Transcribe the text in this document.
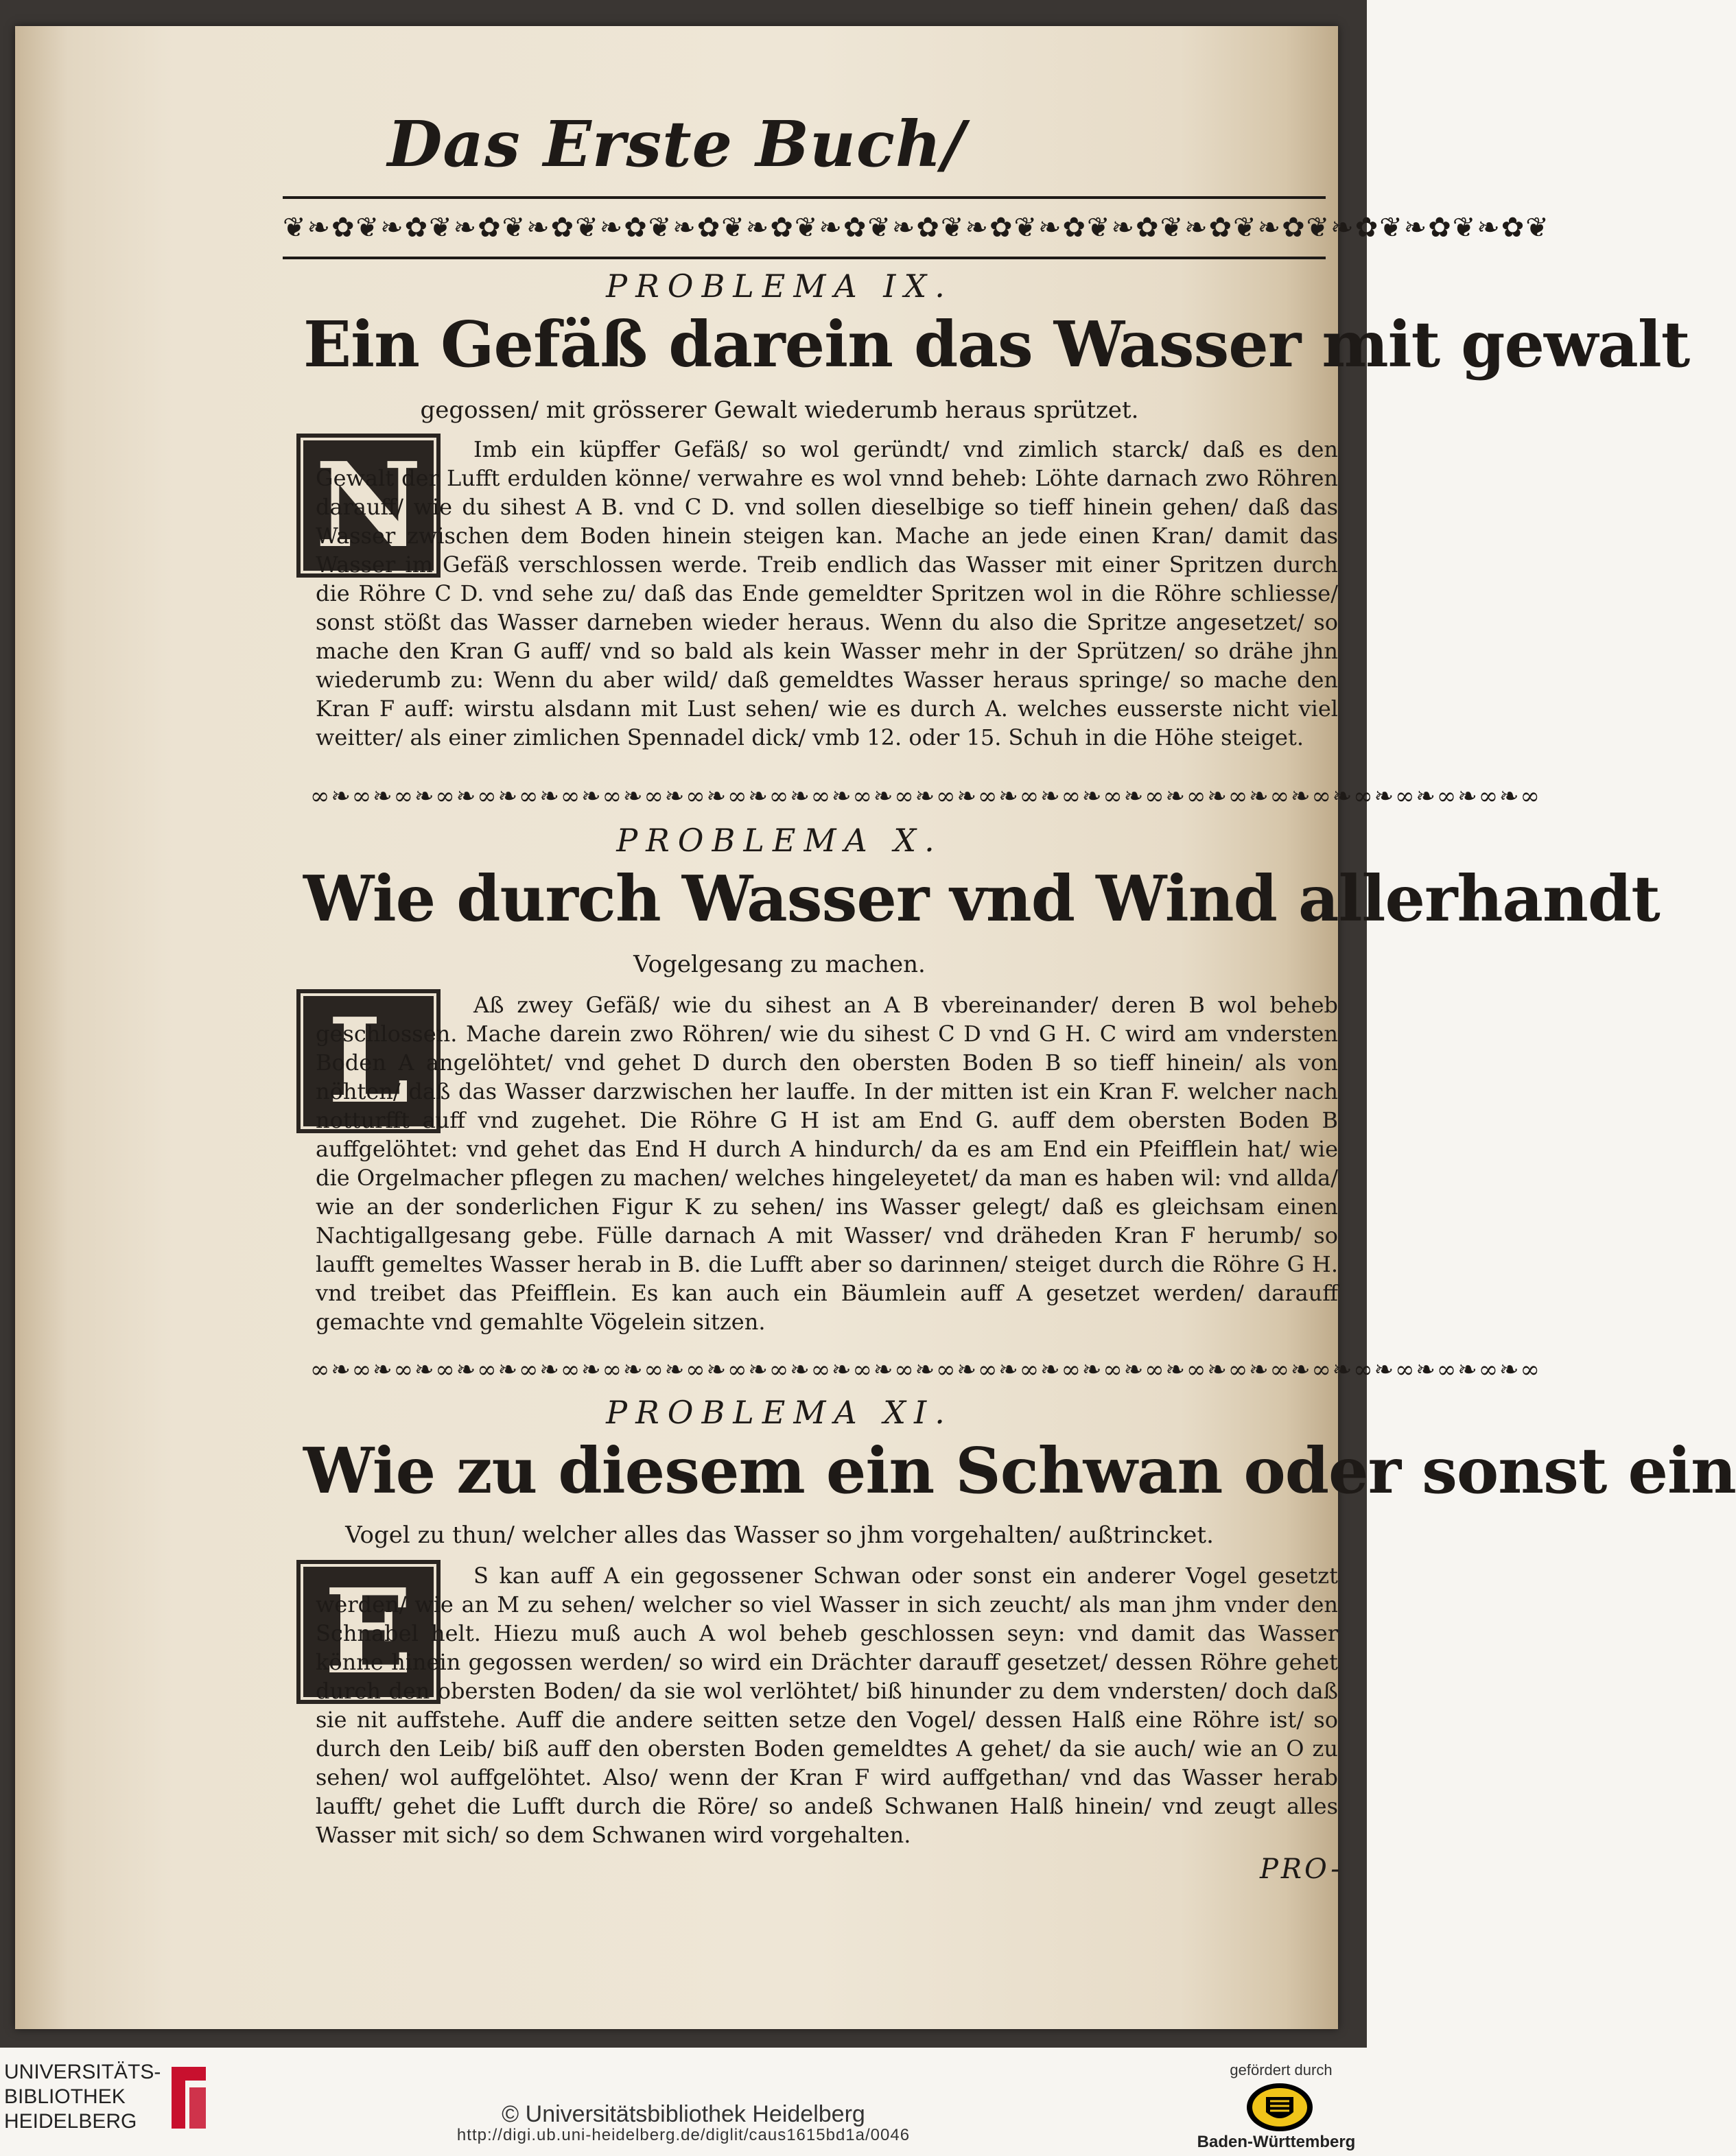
Das Erste Buch/
❦❧✿❦❧✿❦❧✿❦❧✿❦❧✿❦❧✿❦❧✿❦❧✿❦❧✿❦❧✿❦❧✿❦❧✿❦❧✿❦❧✿❦❧✿❦❧✿❦❧✿❦
PROBLEMA IX.
Ein Gefäß darein das Wasser mit gewalt
gegossen/ mit grösserer Gewalt wiederumb heraus sprützet.
N	Imb ein küpffer Gefäß/ so wol geründt/ vnd zimlich starck/ daß es den Gewalt der Lufft erdulden könne/ verwahre es wol vnnd beheb: Löhte darnach zwo Röhren darauff/ wie du sihest A B. vnd C D. vnd sollen dieselbige so tieff hinein gehen/ daß das Wasser zwischen dem Boden hinein steigen kan. Mache an jede einen Kran/ damit das Wasser im Gefäß verschlossen werde. Treib endlich das Wasser mit einer Spritzen durch die Röhre C D. vnd sehe zu/ daß das Ende gemeldter Spritzen wol in die Röhre schliesse/ sonst stößt das Wasser darneben wieder heraus. Wenn du also die Spritze angesetzet/ so mache den Kran G auff/ vnd so bald als kein Wasser mehr in der Sprützen/ so drähe jhn wiederumb zu: Wenn du aber wild/ daß gemeldtes Wasser heraus springe/ so mache den Kran F auff: wirstu alsdann mit Lust sehen/ wie es durch A. welches eusserste nicht viel weitter/ als einer zimlichen Spennadel dick/ vmb 12. oder 15. Schuh in die Höhe steiget.
∞❧∞❧∞❧∞❧∞❧∞❧∞❧∞❧∞❧∞❧∞❧∞❧∞❧∞❧∞❧∞❧∞❧∞❧∞❧∞❧∞❧∞❧∞❧∞❧∞❧∞❧∞❧∞❧∞❧∞
PROBLEMA X.
Wie durch Wasser vnd Wind allerhandt
Vogelgesang zu machen.
L	Aß zwey Gefäß/ wie du sihest an A B vbereinander/ deren B wol beheb geschlossen. Mache darein zwo Röhren/ wie du sihest C D vnd G H. C wird am vndersten Boden A angelöhtet/ vnd gehet D durch den obersten Boden B so tieff hinein/ als von nöhten/ daß das Wasser darzwischen her lauffe. In der mitten ist ein Kran F. welcher nach notturfft auff vnd zugehet. Die Röhre G H ist am End G. auff dem obersten Boden B auffgelöhtet: vnd gehet das End H durch A hindurch/ da es am End ein Pfeifflein hat/ wie die Orgelmacher pflegen zu machen/ welches hingeleyetet/ da man es haben wil: vnd allda/ wie an der sonderlichen Figur K zu sehen/ ins Wasser gelegt/ daß es gleichsam einen Nachtigallgesang gebe. Fülle darnach A mit Wasser/ vnd dräheden Kran F herumb/ so laufft gemeltes Wasser herab in B. die Lufft aber so darinnen/ steiget durch die Röhre G H. vnd treibet das Pfeifflein. Es kan auch ein Bäumlein auff A gesetzet werden/ darauff gemachte vnd gemahlte Vögelein sitzen.
∞❧∞❧∞❧∞❧∞❧∞❧∞❧∞❧∞❧∞❧∞❧∞❧∞❧∞❧∞❧∞❧∞❧∞❧∞❧∞❧∞❧∞❧∞❧∞❧∞❧∞❧∞❧∞❧∞❧∞
PROBLEMA XI.
Wie zu diesem ein Schwan oder sonst ein
Vogel zu thun/ welcher alles das Wasser so jhm vorgehalten/ außtrincket.
E	S kan auff A ein gegossener Schwan oder sonst ein anderer Vogel gesetzt werden/ wie an M zu sehen/ welcher so viel Wasser in sich zeucht/ als man jhm vnder den Schnabel helt. Hiezu muß auch A wol beheb geschlossen seyn: vnd damit das Wasser könne hinein gegossen werden/ so wird ein Drächter darauff gesetzet/ dessen Röhre gehet durch den obersten Boden/ da sie wol verlöhtet/ biß hinunder zu dem vndersten/ doch daß sie nit auffstehe. Auff die andere seitten setze den Vogel/ dessen Halß eine Röhre ist/ so durch den Leib/ biß auff den obersten Boden gemeldtes A gehet/ da sie auch/ wie an O zu sehen/ wol auffgelöhtet. Also/ wenn der Kran F wird auffgethan/ vnd das Wasser herab laufft/ gehet die Lufft durch die Röre/ so andeß Schwanen Halß hinein/ vnd zeugt alles Wasser mit sich/ so dem Schwanen wird vorgehalten.
PRO-
UNIVERSITÄTS-
BIBLIOTHEK
HEIDELBERG	© Universitätsbibliothek Heidelberg
http://digi.ub.uni-heidelberg.de/diglit/caus1615bd1a/0046
gefördert durch
Baden-Württemberg
